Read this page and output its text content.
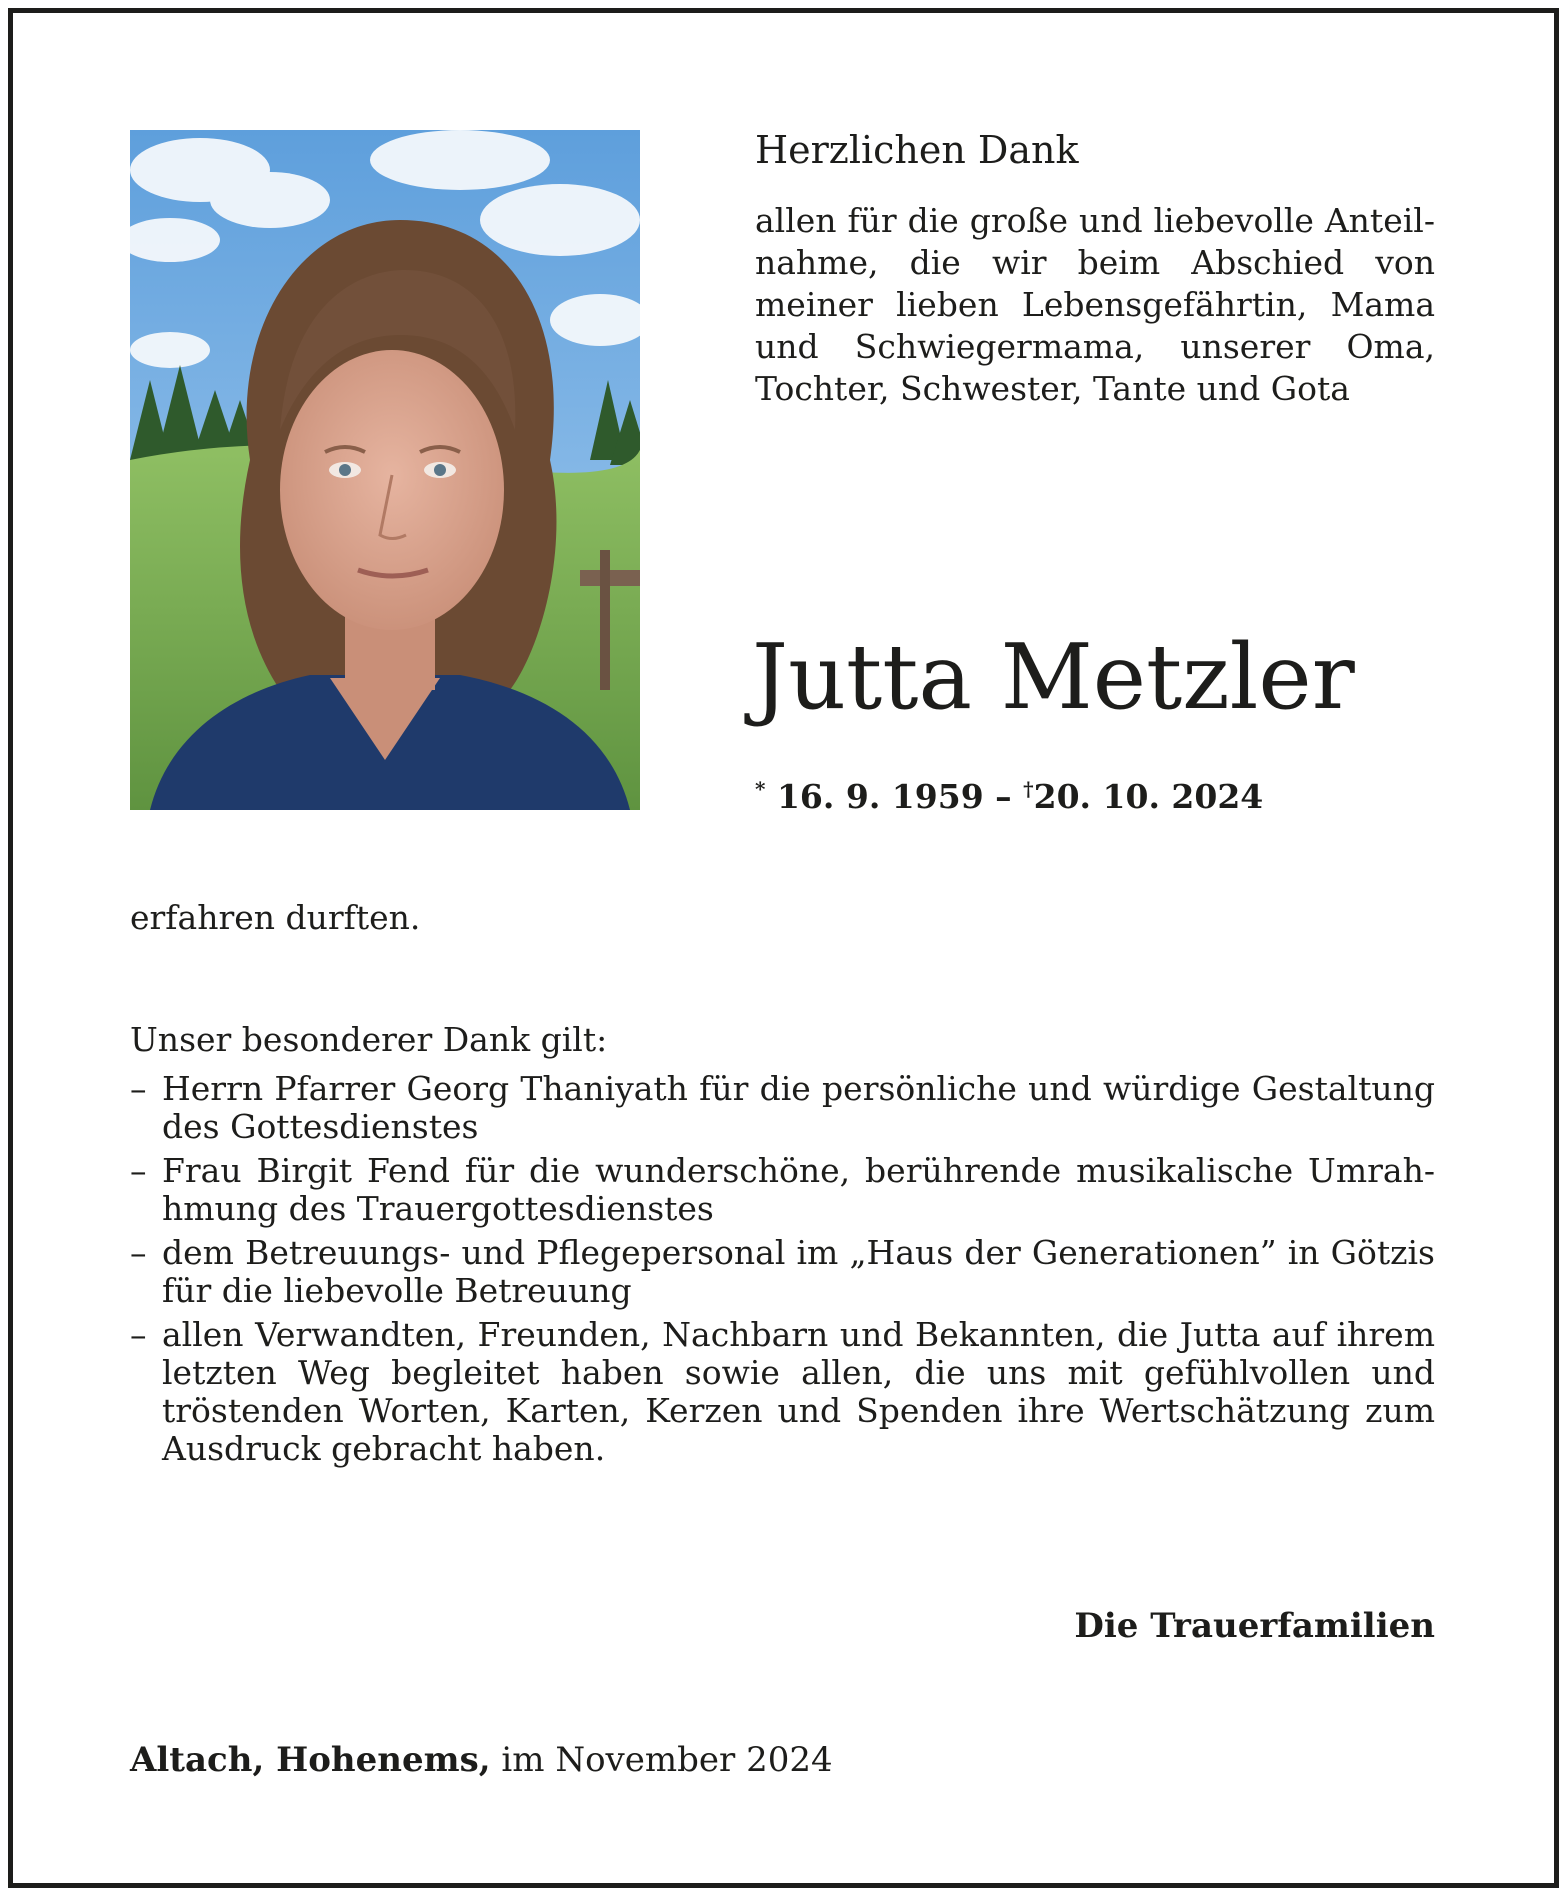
Herzlichen Dank

allen für die große und liebevolle Anteilnahme, die wir beim Abschied von meiner lieben Lebensgefährtin, Mama und Schwiegermama, unserer Oma, Tochter, Schwester, Tante und Gota

Jutta Metzler
* 16. 9. 1959 – †20. 10. 2024

erfahren durften.

Unser besonderer Dank gilt:

– Herrn Pfarrer Georg Thaniyath für die persönliche und würdige Gestaltung des Gottesdienstes
– Frau Birgit Fend für die wunderschöne, berührende musikalische Umrahhmung des Trauergottesdienstes
– dem Betreuungs- und Pflegepersonal im „Haus der Generationen” in Götzis für die liebevolle Betreuung
– allen Verwandten, Freunden, Nachbarn und Bekannten, die Jutta auf ihrem letzten Weg begleitet haben sowie allen, die uns mit gefühlvollen und tröstenden Worten, Karten, Kerzen und Spenden ihre Wertschätzung zum Ausdruck gebracht haben.
Die Trauerfamilien
Altach, Hohenems, im November 2024
